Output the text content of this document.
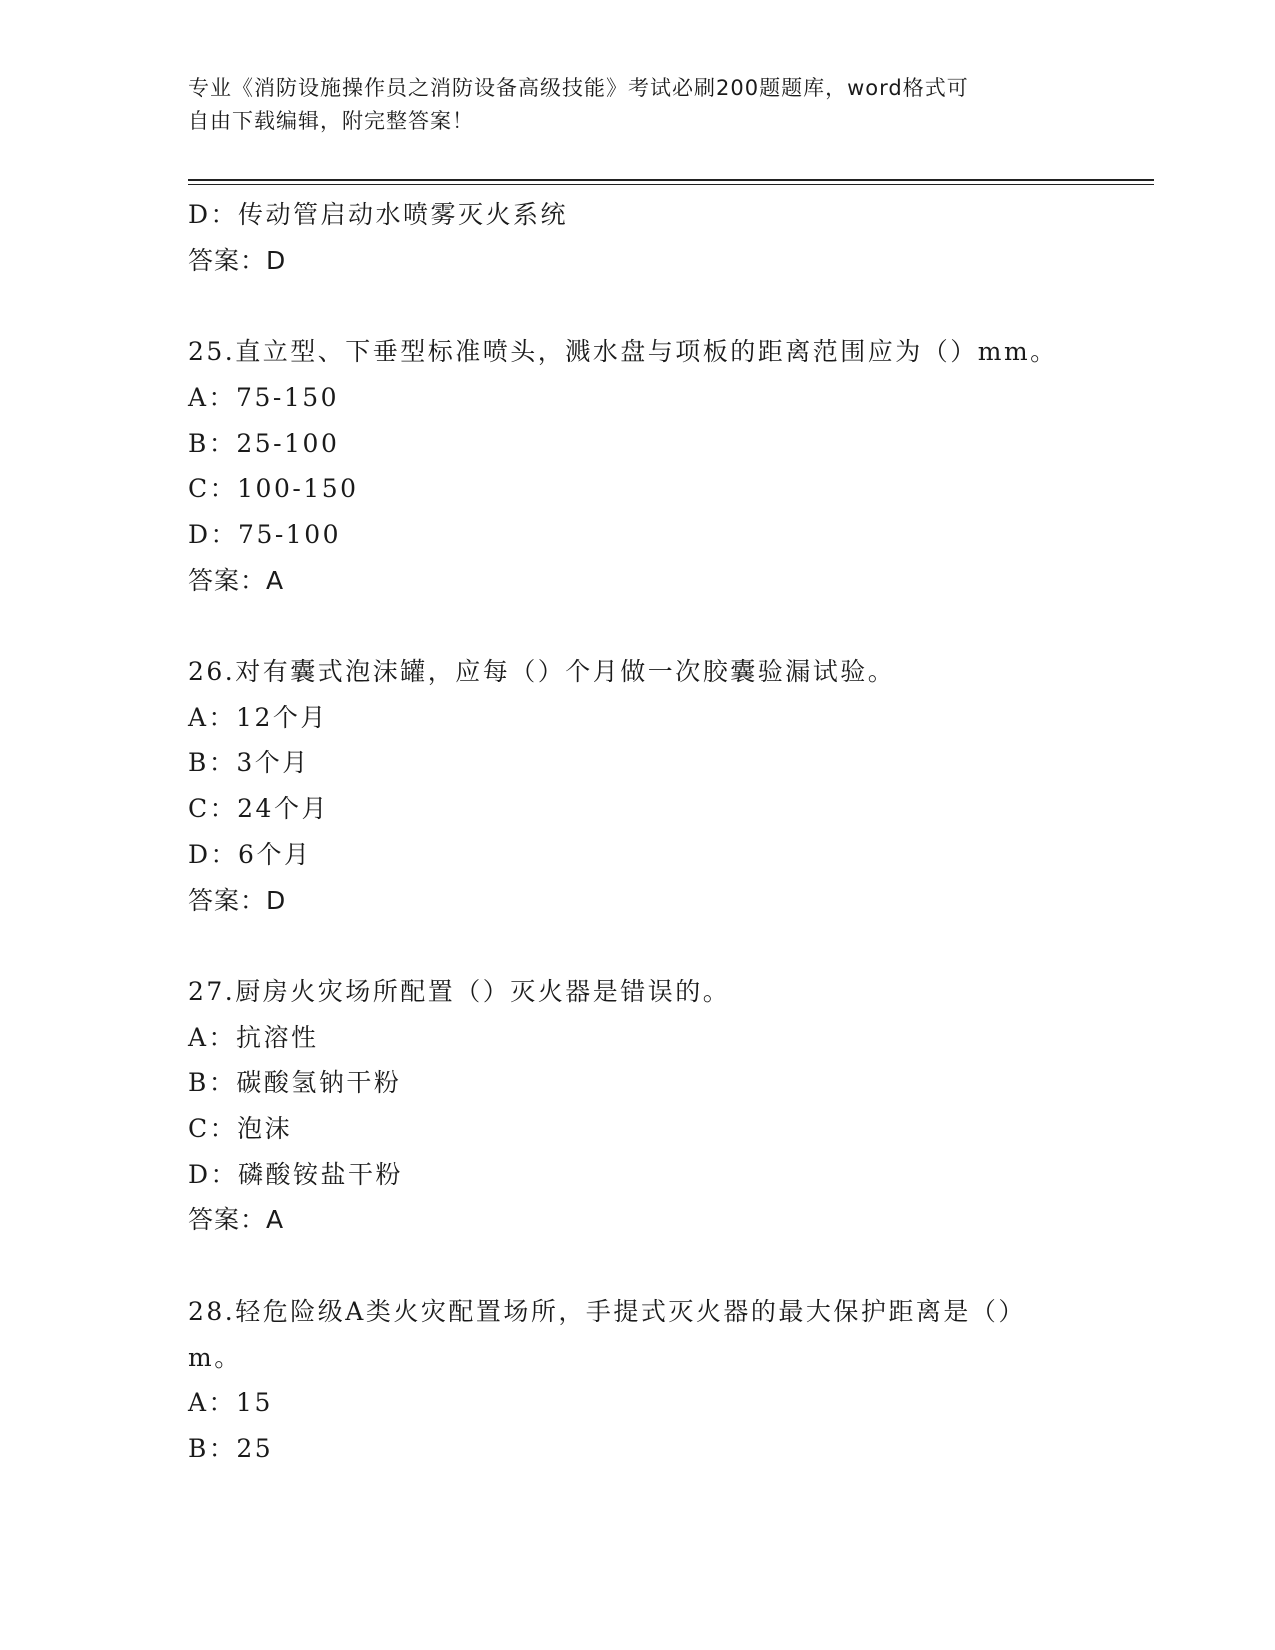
专业《消防设施操作员之消防设备高级技能》考试必刷200题题库，word格式可
自由下载编辑，附完整答案！
D：传动管启动水喷雾灭火系统
答案：D
25.直立型、下垂型标准喷头，溅水盘与项板的距离范围应为（）mm。
A：75-150
B：25-100
C：100-150
D：75-100
答案：A
26.对有囊式泡沫罐，应每（）个月做一次胶囊验漏试验。
A：12个月
B：3个月
C：24个月
D：6个月
答案：D
27.厨房火灾场所配置（）灭火器是错误的。
A：抗溶性
B：碳酸氢钠干粉
C：泡沫
D：磷酸铵盐干粉
答案：A
28.轻危险级A类火灾配置场所，手提式灭火器的最大保护距离是（）
m。
A：15
B：25
